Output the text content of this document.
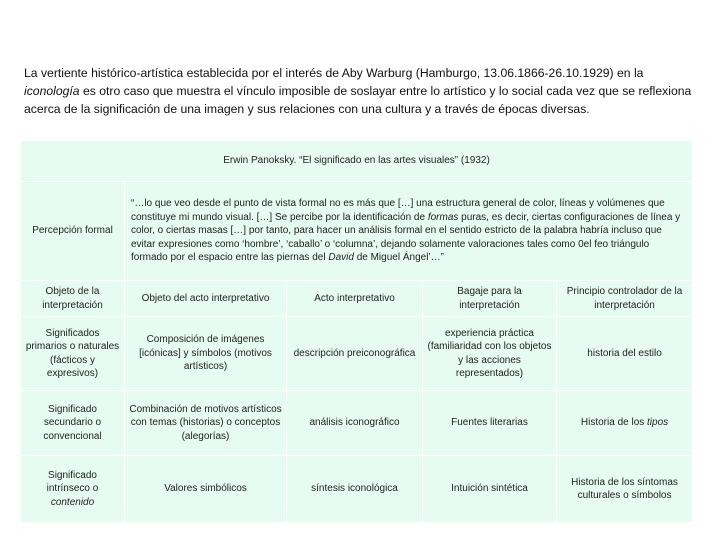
La vertiente histórico-artística establecida por el interés de Aby Warburg (Hamburgo, 13.06.1866-26.10.1929) en la iconología es otro caso que muestra el vínculo imposible de soslayar entre lo artístico y lo social cada vez que se reflexiona acerca de la significación de una imagen y sus relaciones con una cultura y a través de épocas diversas.

Erwin Panoksky. “El significado en las artes visuales” (1932)				
Percepción formal	“…lo que veo desde el punto de vista formal no es más que […] una estructura general de color, líneas y volúmenes que constituye mi mundo visual. […] Se percibe por la identificación de formas puras, es decir, ciertas configuraciones de línea y color, o ciertas masas […] por tanto, para hacer un análisis formal en el sentido estricto de la palabra habría incluso que evitar expresiones como ‘hombre’, ‘caballo’ o ‘columna’, dejando solamente valoraciones tales como 0el feo triángulo formado por el espacio entre las piernas del David de Miguel Ángel’…”			
Objeto de la interpretación	Objeto del acto interpretativo	Acto interpretativo	Bagaje para la interpretación	Principio controlador de la interpretación
Significados primarios o naturales (fácticos y expresivos)	Composición de imágenes [icónicas] y símbolos (motivos artísticos)	descripción preiconográfica	experiencia práctica (familiaridad con los objetos y las acciones representados)	historia del estilo
Significado secundario o convencional	Combinación de motivos artísticos con temas (historias) o conceptos (alegorías)	análisis iconográfico	Fuentes literarias	Historia de los tipos
Significado intrínseco o contenido	Valores simbólicos	síntesis iconológica	Intuición sintética	Historia de los síntomas culturales o símbolos
